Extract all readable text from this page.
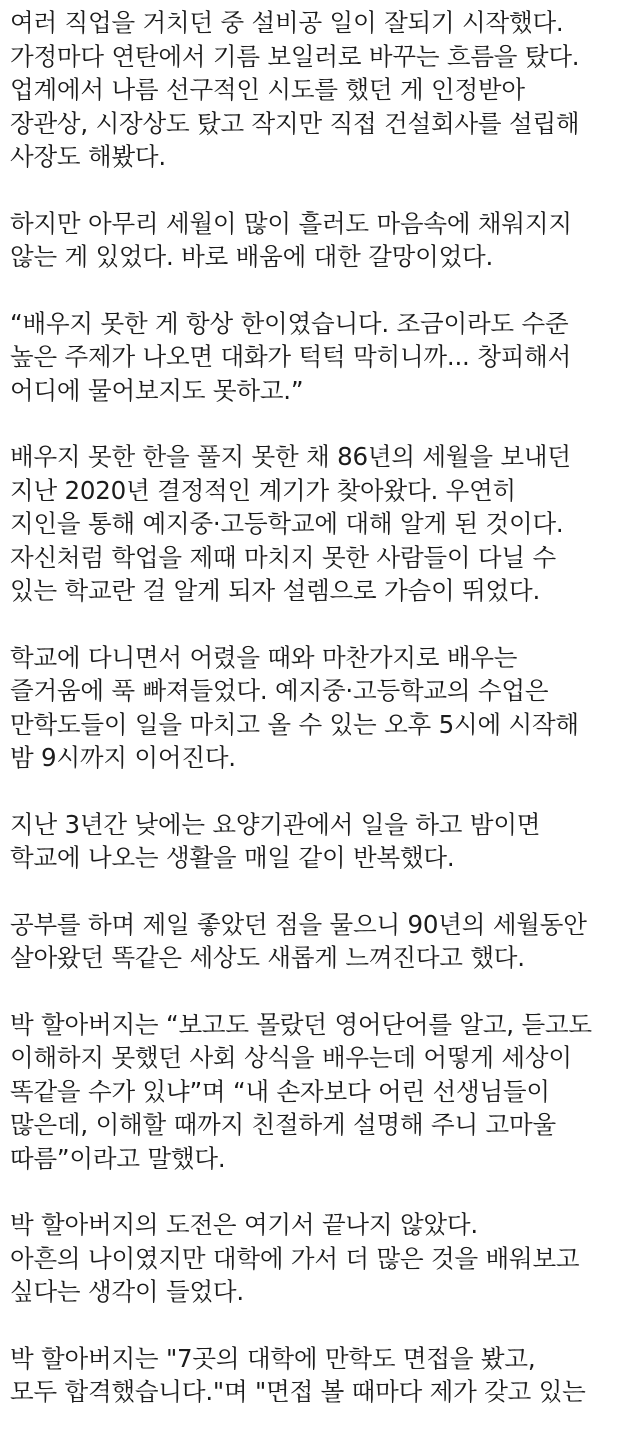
여러 직업을 거치던 중 설비공 일이 잘되기 시작했다.
가정마다 연탄에서 기름 보일러로 바꾸는 흐름을 탔다.
업계에서 나름 선구적인 시도를 했던 게 인정받아
장관상, 시장상도 탔고 작지만 직접 건설회사를 설립해
사장도 해봤다.
하지만 아무리 세월이 많이 흘러도 마음속에 채워지지
않는 게 있었다. 바로 배움에 대한 갈망이었다.
“배우지 못한 게 항상 한이였습니다. 조금이라도 수준
높은 주제가 나오면 대화가 턱턱 막히니까... 창피해서
어디에 물어보지도 못하고.”
배우지 못한 한을 풀지 못한 채 86년의 세월을 보내던
지난 2020년 결정적인 계기가 찾아왔다. 우연히
지인을 통해 예지중·고등학교에 대해 알게 된 것이다.
자신처럼 학업을 제때 마치지 못한 사람들이 다닐 수
있는 학교란 걸 알게 되자 설렘으로 가슴이 뛰었다.
학교에 다니면서 어렸을 때와 마찬가지로 배우는
즐거움에 푹 빠져들었다. 예지중·고등학교의 수업은
만학도들이 일을 마치고 올 수 있는 오후 5시에 시작해
밤 9시까지 이어진다.
지난 3년간 낮에는 요양기관에서 일을 하고 밤이면
학교에 나오는 생활을 매일 같이 반복했다.
공부를 하며 제일 좋았던 점을 물으니 90년의 세월동안
살아왔던 똑같은 세상도 새롭게 느껴진다고 했다.
박 할아버지는 “보고도 몰랐던 영어단어를 알고, 듣고도
이해하지 못했던 사회 상식을 배우는데 어떻게 세상이
똑같을 수가 있냐”며 “내 손자보다 어린 선생님들이
많은데, 이해할 때까지 친절하게 설명해 주니 고마울
따름”이라고 말했다.
박 할아버지의 도전은 여기서 끝나지 않았다.
아흔의 나이였지만 대학에 가서 더 많은 것을 배워보고
싶다는 생각이 들었다.
박 할아버지는 "7곳의 대학에 만학도 면접을 봤고,
모두 합격했습니다."며 "면접 볼 때마다 제가 갖고 있는
